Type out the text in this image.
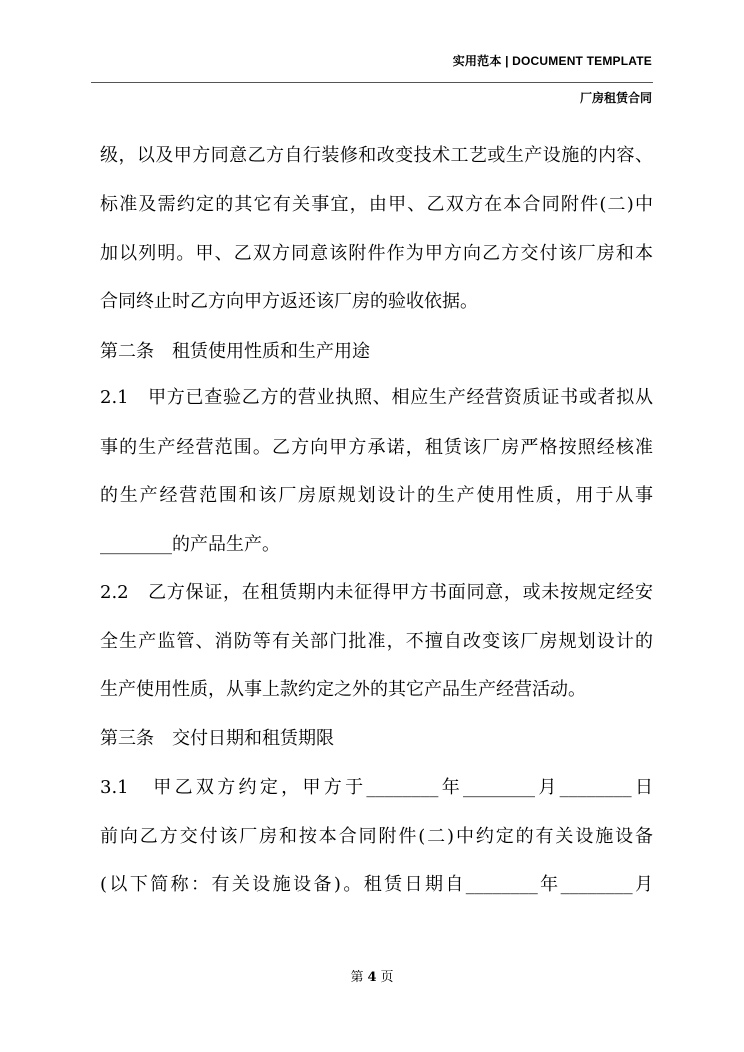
实用范本 | DOCUMENT TEMPLATE
厂房租赁合同
级，以及甲方同意乙方自行装修和改变技术工艺或生产设施的内容、
标准及需约定的其它有关事宜，由甲、乙双方在本合同附件(二)中
加以列明。甲、乙双方同意该附件作为甲方向乙方交付该厂房和本
合同终止时乙方向甲方返还该厂房的验收依据。
第二条　租赁使用性质和生产用途
2.1　甲方已查验乙方的营业执照、相应生产经营资质证书或者拟从
事的生产经营范围。乙方向甲方承诺，租赁该厂房严格按照经核准
的生产经营范围和该厂房原规划设计的生产使用性质，用于从事
________的产品生产。
2.2　乙方保证，在租赁期内未征得甲方书面同意，或未按规定经安
全生产监管、消防等有关部门批准，不擅自改变该厂房规划设计的
生产使用性质，从事上款约定之外的其它产品生产经营活动。
第三条　交付日期和租赁期限
3.1　甲乙双方约定，甲方于________年________月________日
前向乙方交付该厂房和按本合同附件(二)中约定的有关设施设备
(以下简称：有关设施设备)。租赁日期自________年________月
第 4 页
